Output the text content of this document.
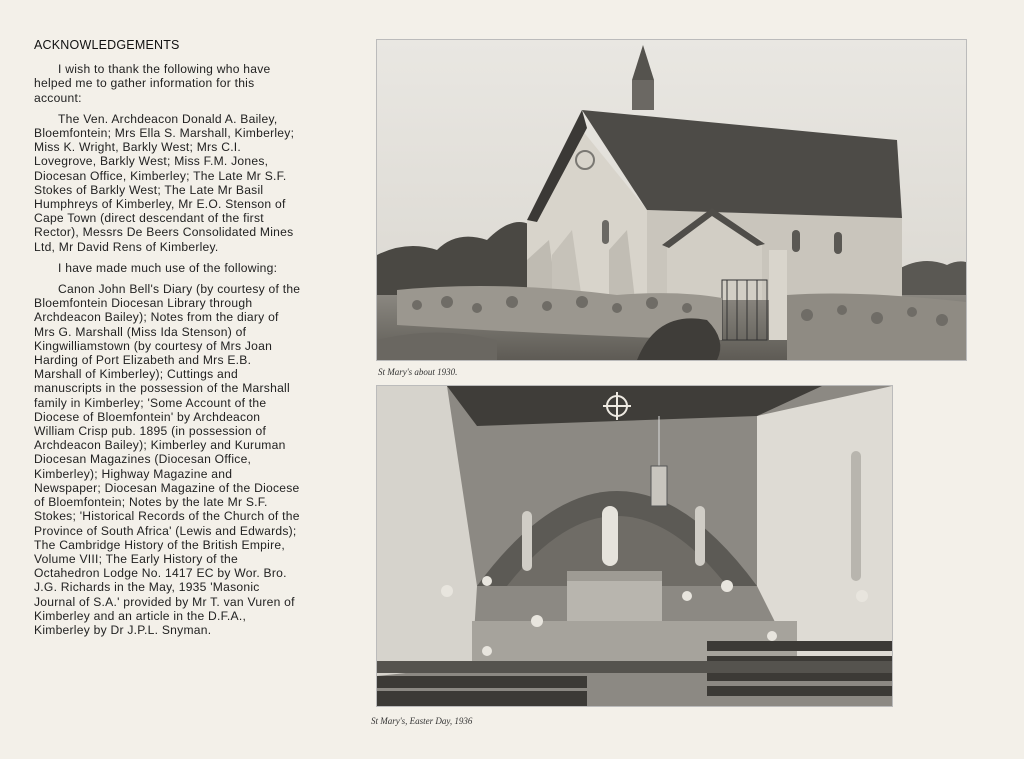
ACKNOWLEDGEMENTS

I wish to thank the following who have helped me to gather information for this account:

The Ven. Archdeacon Donald A. Bailey, Bloemfontein; Mrs Ella S. Marshall, Kimberley; Miss K. Wright, Barkly West; Mrs C.I. Lovegrove, Barkly West; Miss F.M. Jones, Diocesan Office, Kimberley; The Late Mr S.F. Stokes of Barkly West; The Late Mr Basil Humphreys of Kimberley, Mr E.O. Stenson of Cape Town (direct descendant of the first Rector), Messrs De Beers Consolidated Mines Ltd, Mr David Rens of Kimberley.

I have made much use of the following:

Canon John Bell's Diary (by courtesy of the Bloemfontein Diocesan Library through Archdeacon Bailey); Notes from the diary of Mrs G. Marshall (Miss Ida Stenson) of Kingwilliamstown (by courtesy of Mrs Joan Harding of Port Elizabeth and Mrs E.B. Marshall of Kimberley); Cuttings and manuscripts in the possession of the Marshall family in Kimberley; 'Some Account of the Diocese of Bloemfontein' by Archdeacon William Crisp pub. 1895 (in possession of Archdeacon Bailey); Kimberley and Kuruman Diocesan Magazines (Diocesan Office, Kimberley); Highway Magazine and Newspaper; Diocesan Magazine of the Diocese of Bloemfontein; Notes by the late Mr S.F. Stokes; 'Historical Records of the Church of the Province of South Africa' (Lewis and Edwards); The Cambridge History of the British Empire, Volume VIII; The Early History of the Octahedron Lodge No. 1417 EC by Wor. Bro. J.G. Richards in the May, 1935 'Masonic Journal of S.A.' provided by Mr T. van Vuren of Kimberley and an article in the D.F.A., Kimberley by Dr J.P.L. Snyman.

St Mary's about 1930.
St Mary's, Easter Day, 1936
